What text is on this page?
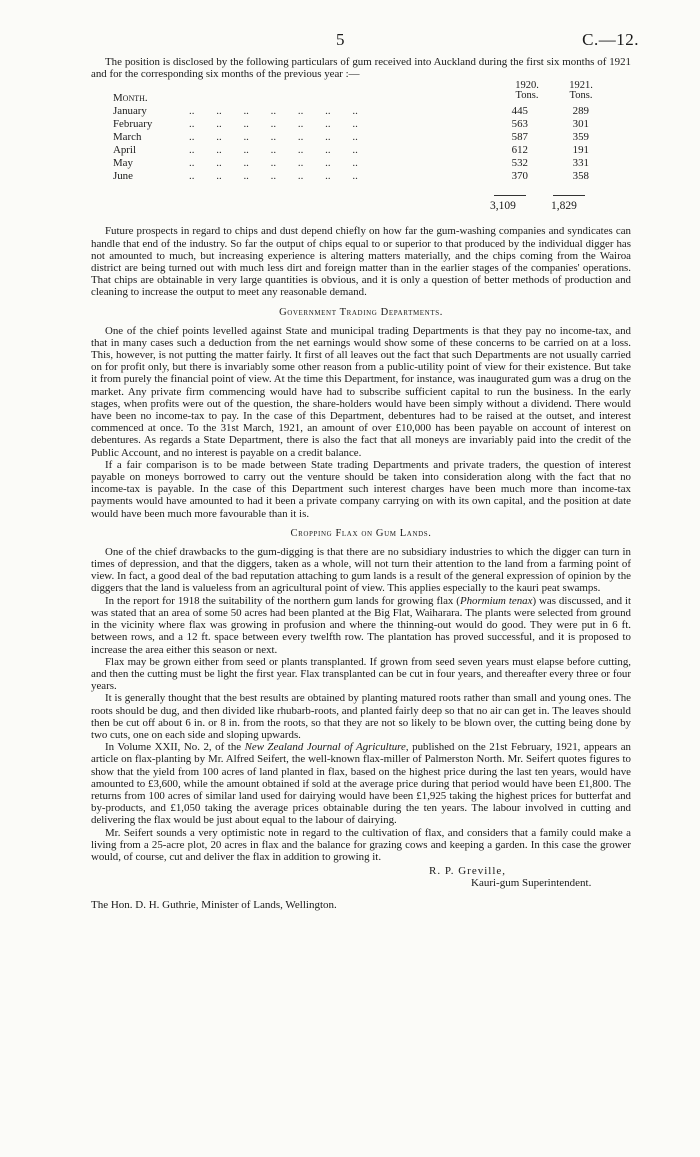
5	C.—12.

The position is disclosed by the following particulars of gum received into Auckland during the first six months of 1921 and for the corresponding six months of the previous year :—

Month.
1920.
Tons.
1921.
Tons.
January	..        ..        ..        ..        ..        ..        ..	445	289
February	..        ..        ..        ..        ..        ..        ..	563	301
March	..        ..        ..        ..        ..        ..        ..	587	359
April	..        ..        ..        ..        ..        ..        ..	612	191
May	..        ..        ..        ..        ..        ..        ..	532	331
June	..        ..        ..        ..        ..        ..        ..	370	358
3,109	1,829

Future prospects in regard to chips and dust depend chiefly on how far the gum-washing companies and syndicates can handle that end of the industry. So far the output of chips equal to or superior to that produced by the individual digger has not amounted to much, but increasing experience is altering matters materially, and the chips coming from the Wairoa district are being turned out with much less dirt and foreign matter than in the earlier stages of the companies' operations. That chips are obtainable in very large quantities is obvious, and it is only a question of better methods of production and cleaning to increase the output to meet any reasonable demand.

Government Trading Departments.

One of the chief points levelled against State and municipal trading Departments is that they pay no income-tax, and that in many cases such a deduction from the net earnings would show some of these concerns to be carried on at a loss. This, however, is not putting the matter fairly. It first of all leaves out the fact that such Departments are not usually carried on for profit only, but there is invariably some other reason from a public-utility point of view for their existence. But take it from purely the financial point of view. At the time this Department, for instance, was inaugurated gum was a drug on the market. Any private firm commencing would have had to subscribe sufficient capital to run the business. In the early stages, when profits were out of the question, the share-holders would have been simply without a dividend. There would have been no income-tax to pay. In the case of this Department, debentures had to be raised at the outset, and interest commenced at once. To the 31st March, 1921, an amount of over £10,000 has been payable on account of interest on debentures. As regards a State Department, there is also the fact that all moneys are invariably paid into the credit of the Public Account, and no interest is payable on a credit balance.

If a fair comparison is to be made between State trading Departments and private traders, the question of interest payable on moneys borrowed to carry out the venture should be taken into consideration along with the fact that no income-tax is payable. In the case of this Department such interest charges have been much more than income-tax payments would have amounted to had it been a private company carrying on with its own capital, and the position at date would have been much more favourable than it is.

Cropping Flax on Gum Lands.

One of the chief drawbacks to the gum-digging is that there are no subsidiary industries to which the digger can turn in times of depression, and that the diggers, taken as a whole, will not turn their attention to the land from a farming point of view. In fact, a good deal of the bad reputation attaching to gum lands is a result of the general expression of opinion by the diggers that the land is valueless from an agricultural point of view. This applies especially to the kauri peat swamps.

In the report for 1918 the suitability of the northern gum lands for growing flax (Phormium tenax) was discussed, and it was stated that an area of some 50 acres had been planted at the Big Flat, Waiharara. The plants were selected from ground in the vicinity where flax was growing in profusion and where the thinning-out would do good. They were put in 6 ft. between rows, and a 12 ft. space between every twelfth row. The plantation has proved successful, and it is proposed to increase the area either this season or next.

Flax may be grown either from seed or plants transplanted. If grown from seed seven years must elapse before cutting, and then the cutting must be light the first year. Flax transplanted can be cut in four years, and thereafter every three or four years.

It is generally thought that the best results are obtained by planting matured roots rather than small and young ones. The roots should be dug, and then divided like rhubarb-roots, and planted fairly deep so that no air can get in. The leaves should then be cut off about 6 in. or 8 in. from the roots, so that they are not so likely to be blown over, the cutting being done by two cuts, one on each side and sloping upwards.

In Volume XXII, No. 2, of the New Zealand Journal of Agriculture, published on the 21st February, 1921, appears an article on flax-planting by Mr. Alfred Seifert, the well-known flax-miller of Palmerston North. Mr. Seifert quotes figures to show that the yield from 100 acres of land planted in flax, based on the highest price during the last ten years, would have amounted to £3,600, while the amount obtained if sold at the average price during that period would have been £1,800. The returns from 100 acres of similar land used for dairying would have been £1,925 taking the highest prices for butterfat and by-products, and £1,050 taking the average prices obtainable during the ten years. The labour involved in cutting and delivering the flax would be just about equal to the labour of dairying.

Mr. Seifert sounds a very optimistic note in regard to the cultivation of flax, and considers that a family could make a living from a 25-acre plot, 20 acres in flax and the balance for grazing cows and keeping a garden. In this case the grower would, of course, cut and deliver the flax in addition to growing it.

R. P. Greville,
Kauri-gum Superintendent.
The Hon. D. H. Guthrie, Minister of Lands, Wellington.
